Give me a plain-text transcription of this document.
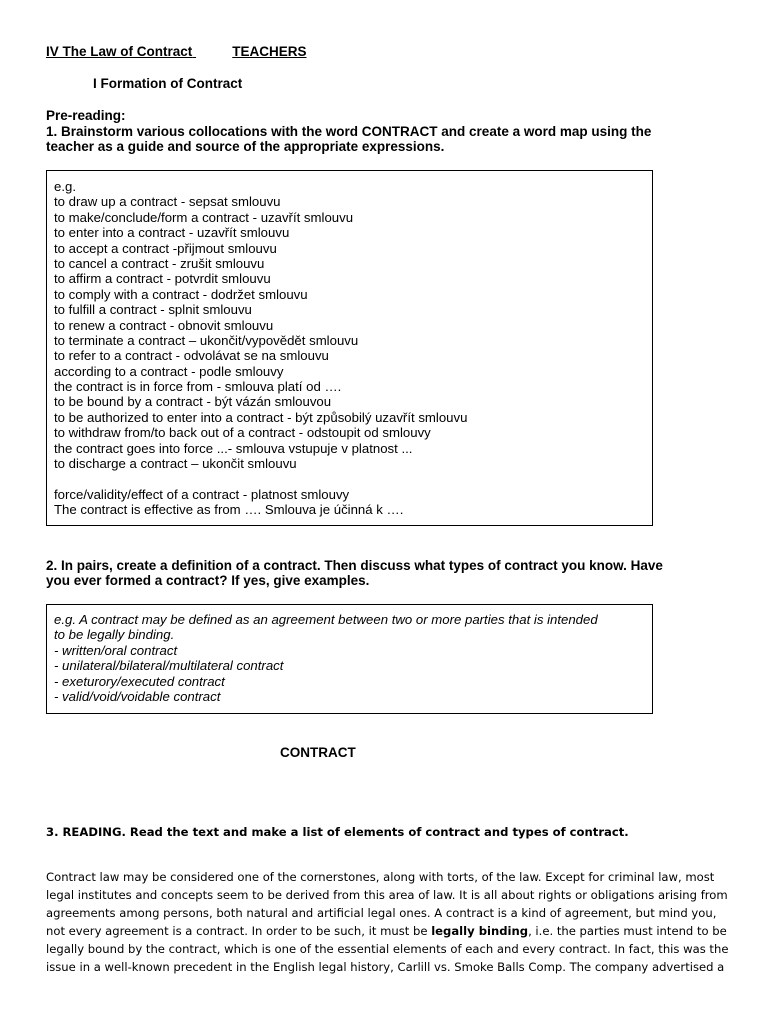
IV The Law of Contract	TEACHERS
I Formation of Contract
Pre-reading:
1. Brainstorm various collocations with the word CONTRACT and create a word map using the
teacher as a guide and source of the appropriate expressions.
e.g.
to draw up a contract - sepsat smlouvu
to make/conclude/form a contract - uzavřít smlouvu
to enter into a contract - uzavřít smlouvu
to accept a contract -přijmout smlouvu
to cancel a contract - zrušit smlouvu
to affirm a contract - potvrdit smlouvu
to comply with a contract - dodržet smlouvu
to fulfill a contract - splnit smlouvu
to renew a contract - obnovit smlouvu
to terminate a contract – ukončit/vypovědět smlouvu
to refer to a contract - odvolávat se na smlouvu
according to a contract - podle smlouvy
the contract is in force from - smlouva platí od ….
to be bound by a contract - být vázán smlouvou
to be authorized to enter into a contract - být způsobilý uzavřít smlouvu
to withdraw from/to back out of a contract - odstoupit od smlouvy
the contract goes into force ...- smlouva vstupuje v platnost ...
to discharge a contract – ukončit smlouvu
force/validity/effect of a contract - platnost smlouvy
The contract is effective as from …. Smlouva je účinná k ….
2. In pairs, create a definition of a contract. Then discuss what types of contract you know. Have
you ever formed a contract? If yes, give examples.
e.g. A contract may be defined as an agreement between two or more parties that is intended
to be legally binding.
- written/oral contract
- unilateral/bilateral/multilateral contract
- exeturory/executed contract
- valid/void/voidable contract
CONTRACT
3. READING. Read the text and make a list of elements of contract and types of contract.
Contract law may be considered one of the cornerstones, along with torts, of the law. Except for criminal law, most
legal institutes and concepts seem to be derived from this area of law. It is all about rights or obligations arising from
agreements among persons, both natural and artificial legal ones. A contract is a kind of agreement, but mind you,
not every agreement is a contract. In order to be such, it must be legally binding, i.e. the parties must intend to be
legally bound by the contract, which is one of the essential elements of each and every contract. In fact, this was the
issue in a well-known precedent in the English legal history, Carlill vs. Smoke Balls Comp. The company advertised a
